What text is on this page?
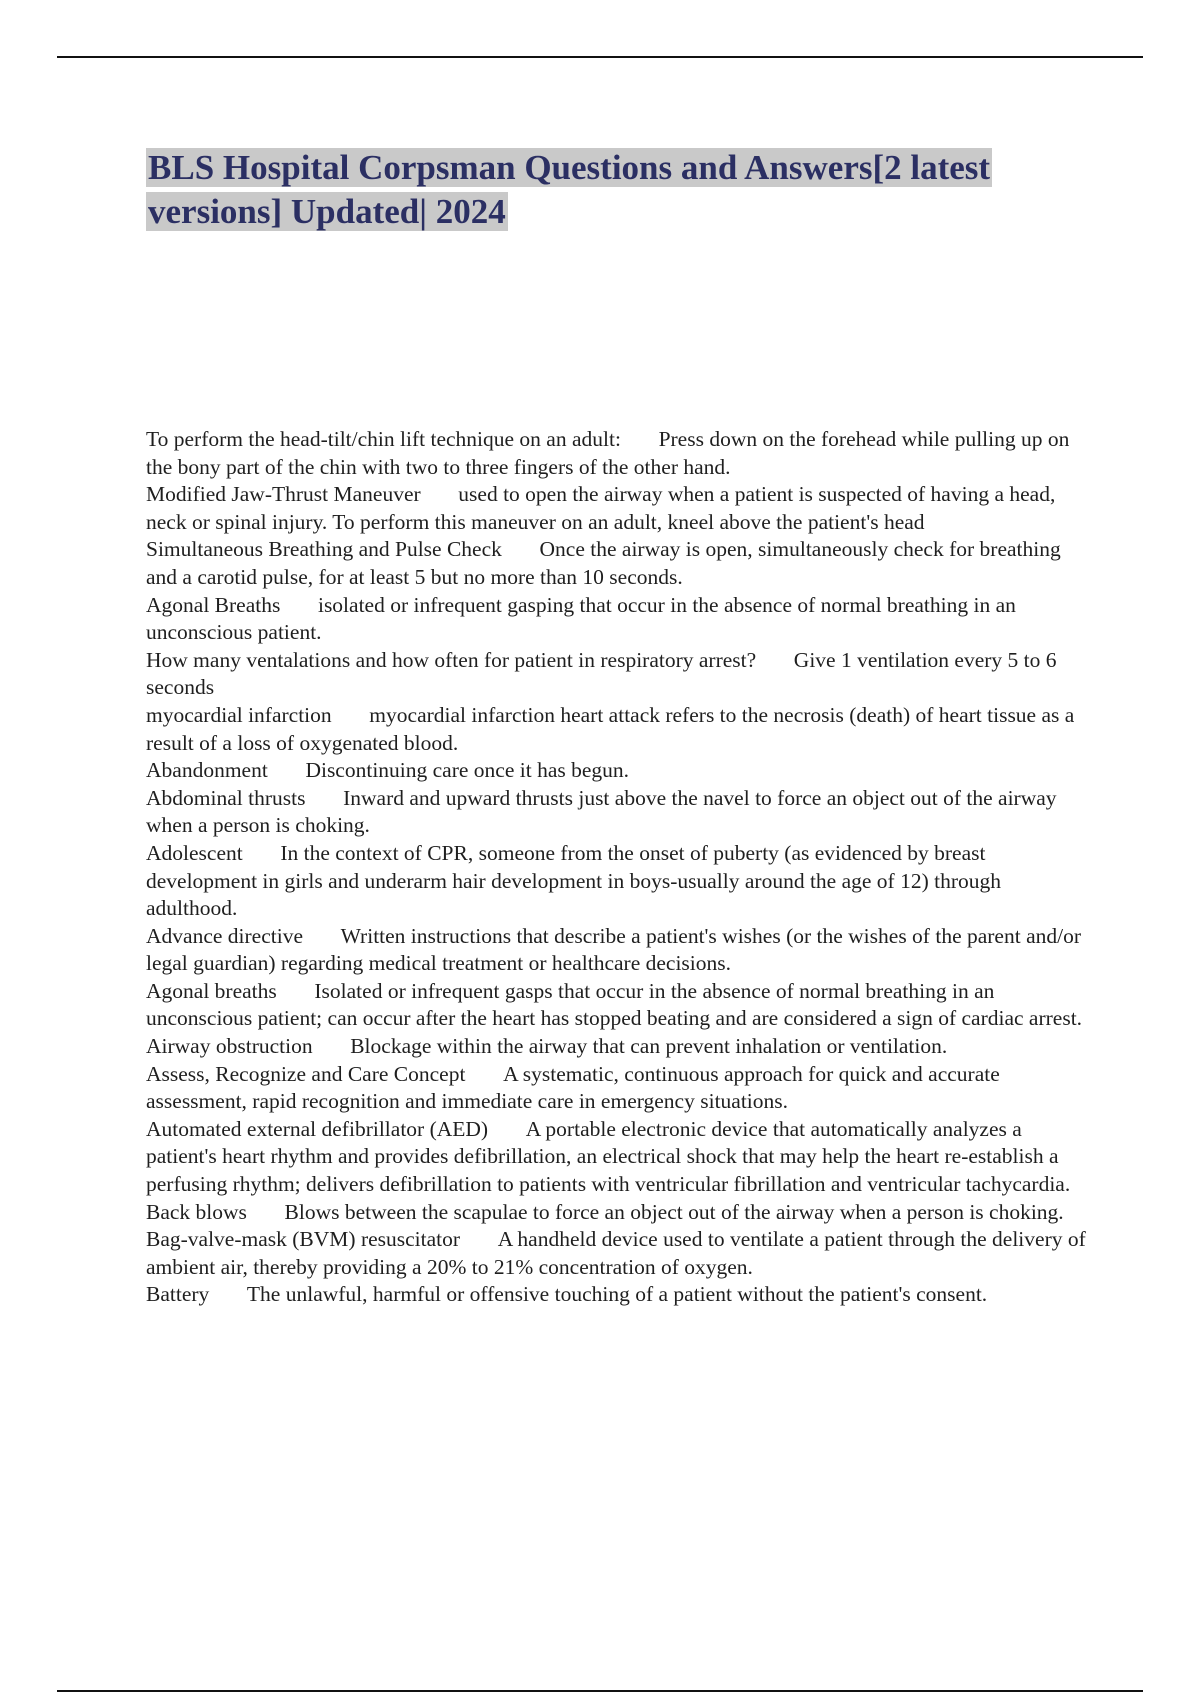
BLS Hospital Corpsman Questions and Answers[2 latest versions] Updated| 2024

To perform the head-tilt/chin lift technique on an adult: Press down on the forehead while pulling up on the bony part of the chin with two to three fingers of the other hand.

Modified Jaw-Thrust Maneuver used to open the airway when a patient is suspected of having a head, neck or spinal injury. To perform this maneuver on an adult, kneel above the patient's head

Simultaneous Breathing and Pulse Check Once the airway is open, simultaneously check for breathing and a carotid pulse, for at least 5 but no more than 10 seconds.

Agonal Breaths isolated or infrequent gasping that occur in the absence of normal breathing in an unconscious patient.

How many ventalations and how often for patient in respiratory arrest? Give 1 ventilation every 5 to 6 seconds

myocardial infarction myocardial infarction heart attack refers to the necrosis (death) of heart tissue as a result of a loss of oxygenated blood.

Abandonment Discontinuing care once it has begun.

Abdominal thrusts Inward and upward thrusts just above the navel to force an object out of the airway when a person is choking.

Adolescent In the context of CPR, someone from the onset of puberty (as evidenced by breast development in girls and underarm hair development in boys-usually around the age of 12) through adulthood.

Advance directive Written instructions that describe a patient's wishes (or the wishes of the parent and/or legal guardian) regarding medical treatment or healthcare decisions.

Agonal breaths Isolated or infrequent gasps that occur in the absence of normal breathing in an unconscious patient; can occur after the heart has stopped beating and are considered a sign of cardiac arrest.

Airway obstruction Blockage within the airway that can prevent inhalation or ventilation.

Assess, Recognize and Care Concept A systematic, continuous approach for quick and accurate assessment, rapid recognition and immediate care in emergency situations.

Automated external defibrillator (AED) A portable electronic device that automatically analyzes a patient's heart rhythm and provides defibrillation, an electrical shock that may help the heart re-establish a perfusing rhythm; delivers defibrillation to patients with ventricular fibrillation and ventricular tachycardia.

Back blows Blows between the scapulae to force an object out of the airway when a person is choking.

Bag-valve-mask (BVM) resuscitator A handheld device used to ventilate a patient through the delivery of ambient air, thereby providing a 20% to 21% concentration of oxygen.

Battery The unlawful, harmful or offensive touching of a patient without the patient's consent.
